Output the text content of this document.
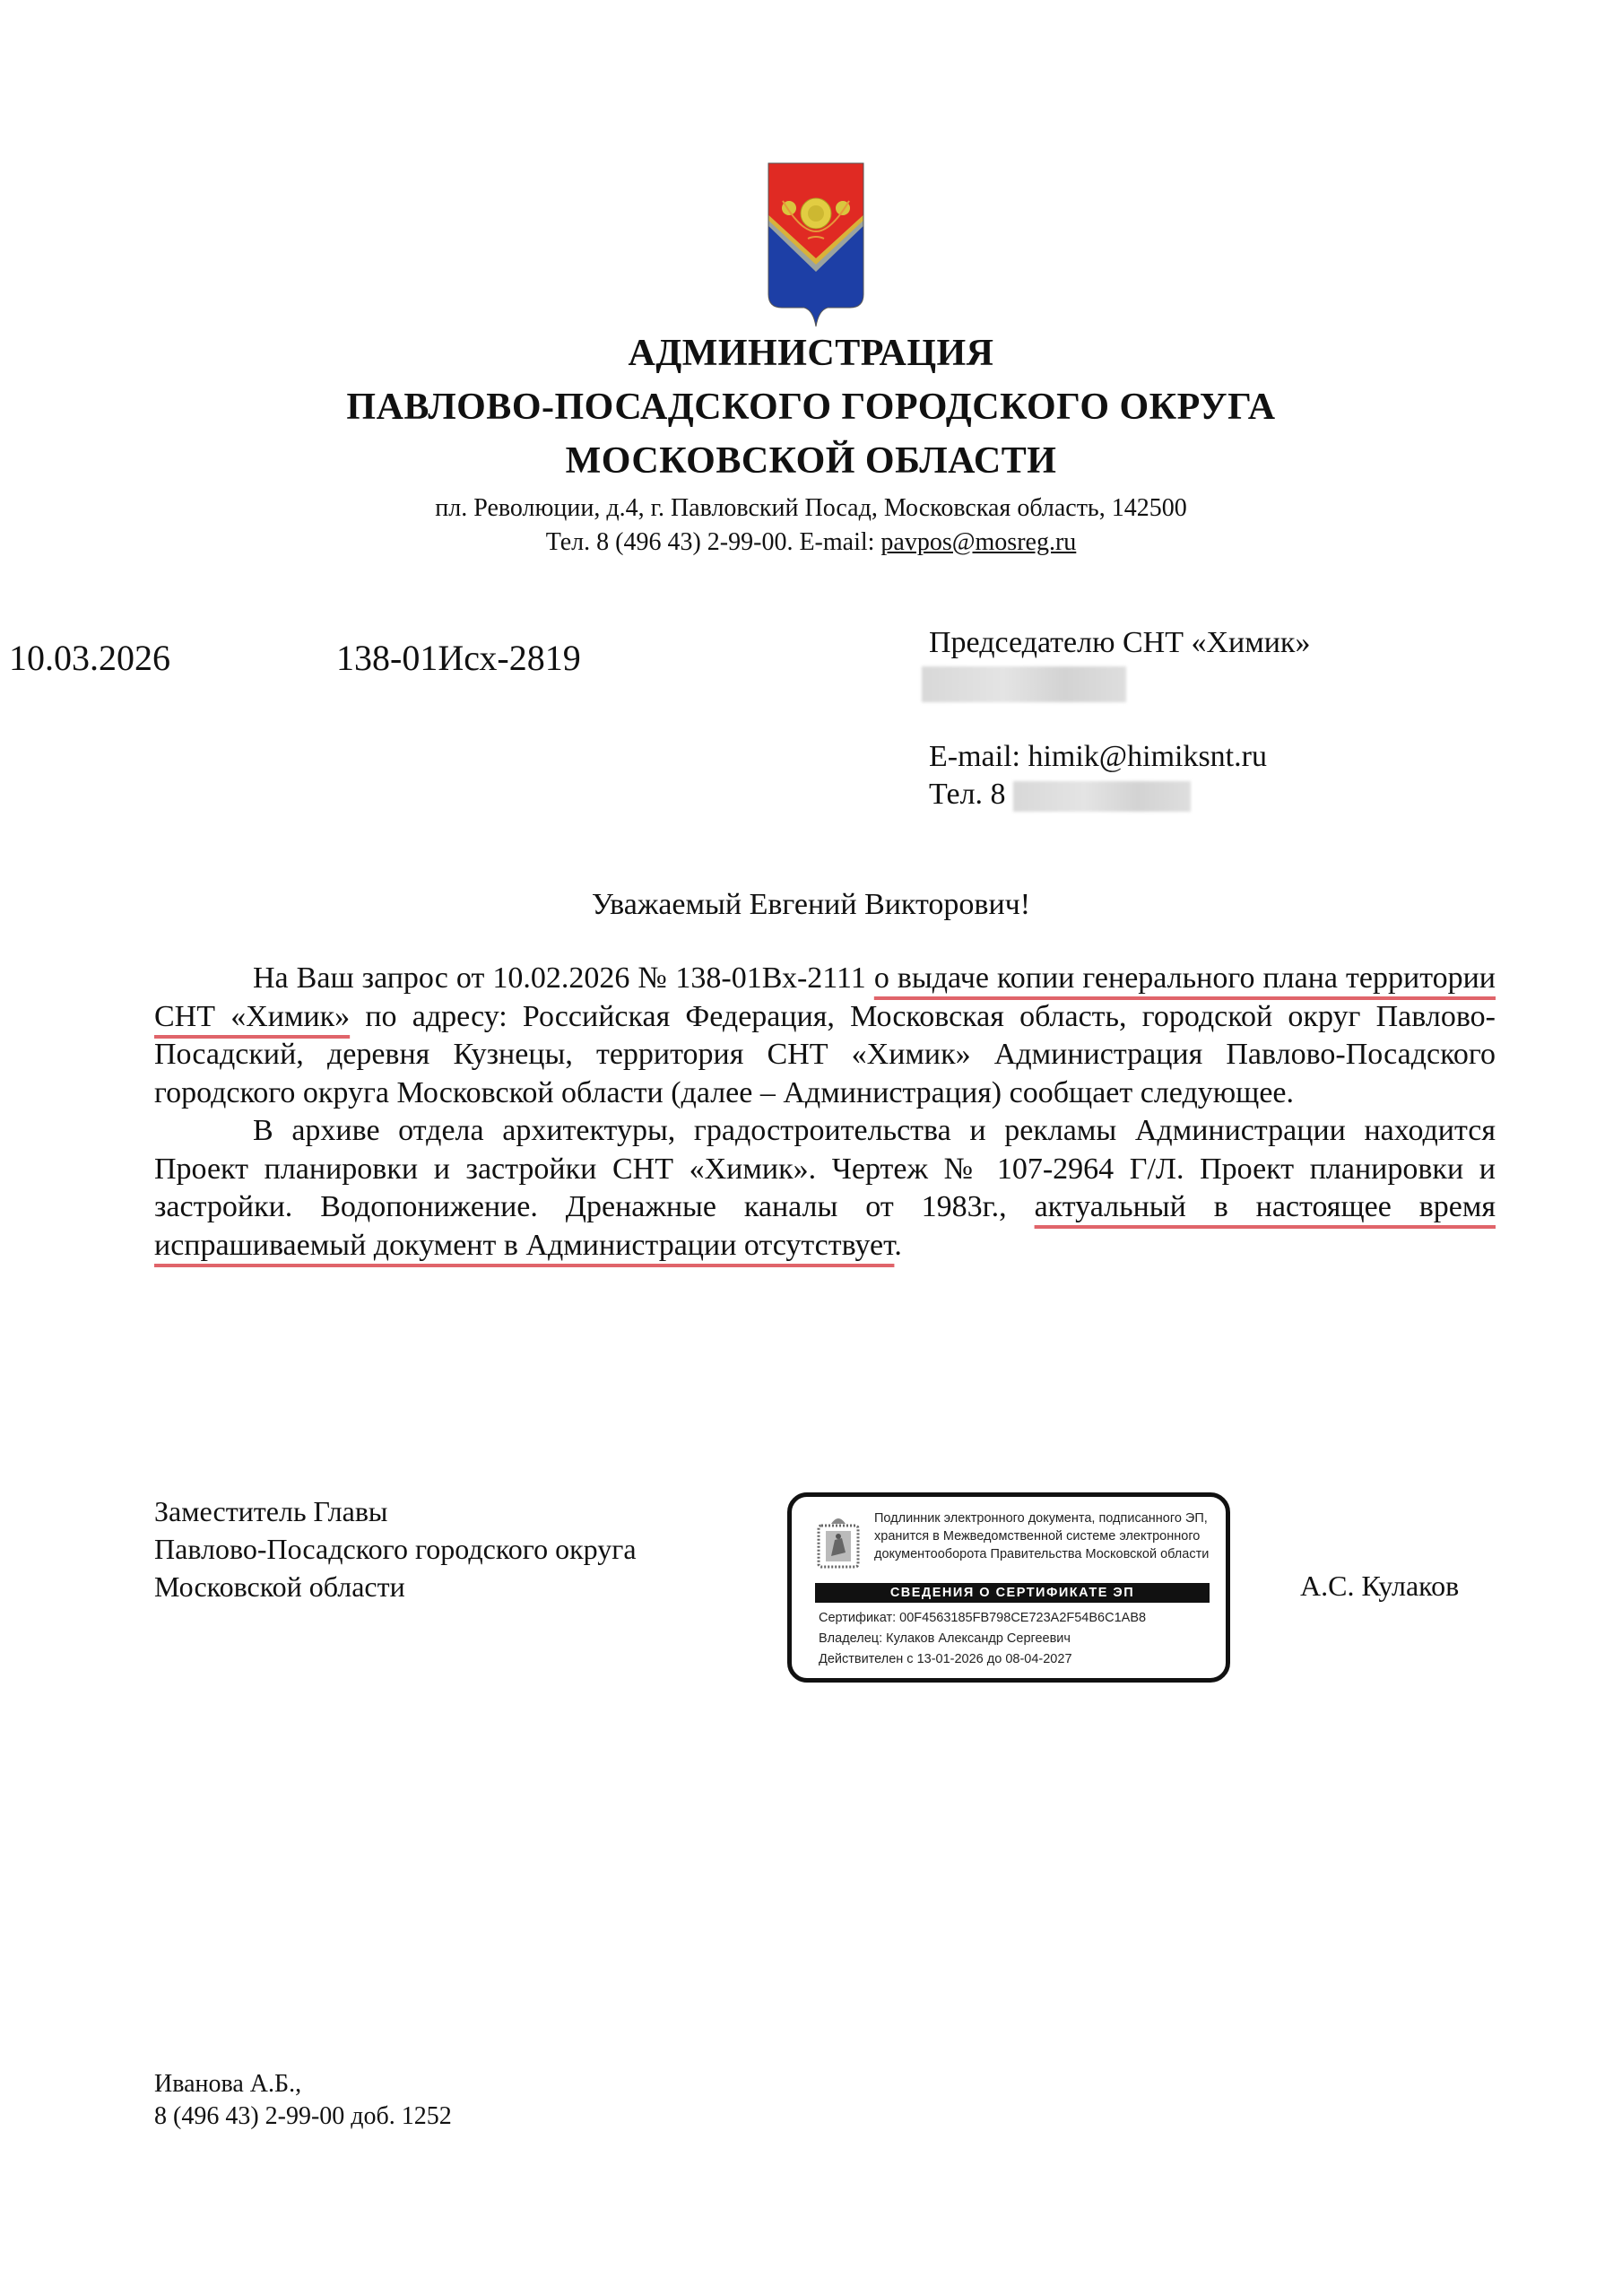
АДМИНИСТРАЦИЯ
ПАВЛОВО-ПОСАДСКОГО ГОРОДСКОГО ОКРУГА
МОСКОВСКОЙ ОБЛАСТИ
пл. Революции, д.4, г. Павловский Посад, Московская область, 142500
Тел. 8 (496 43) 2-99-00. E-mail: pavpos@mosreg.ru
10.03.2026	138-01Исх-2819	Председателю СНТ «Химик»
E-mail: himik@himiksnt.ru
Тел. 8
Уважаемый Евгений Викторович!

На Ваш запрос от 10.02.2026 № 138-01Вх-2111 о выдаче копии генерального плана территории СНТ «Химик» по адресу: Российская Федерация, Московская область, городской округ Павлово-Посадский, деревня Кузнецы, территория СНТ «Химик» Администрация Павлово-Посадского городского округа Московской области (далее – Администрация) сообщает следующее.

В архиве отдела архитектуры, градостроительства и рекламы Администрации находится Проект планировки и застройки СНТ «Химик». Чертеж № 107-2964 Г/Л. Проект планировки и застройки. Водопонижение. Дренажные каналы от 1983г., актуальный в настоящее время испрашиваемый документ в Администрации отсутствует.

Заместитель Главы
Павлово-Посадского городского округа
Московской области
Подлинник электронного документа, подписанного ЭП,
хранится в Межведомственной системе электронного
документооборота Правительства Московской области
СВЕДЕНИЯ О СЕРТИФИКАТЕ ЭП
Сертификат: 00F4563185FB798CE723A2F54B6C1AB8
Владелец: Кулаков Александр Сергеевич
Действителен с 13-01-2026 до 08-04-2027
А.С. Кулаков
Иванова А.Б.,
8 (496 43) 2-99-00 доб. 1252
